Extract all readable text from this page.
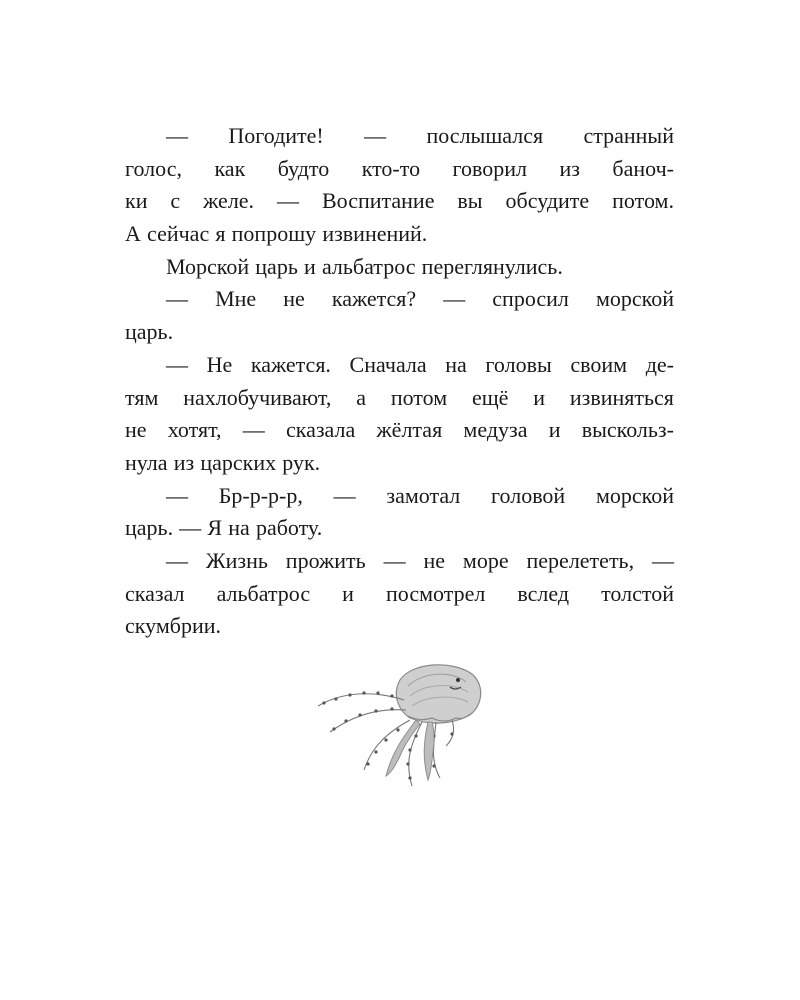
— Погодите! — послышался странный
голос, как будто кто-то говорил из баноч-
ки с желе. — Воспитание вы обсудите потом.
А сейчас я попрошу извинений.
Морской царь и альбатрос переглянулись.
— Мне не кажется? — спросил морской
царь.
— Не кажется. Сначала на головы своим де-
тям нахлобучивают, а потом ещё и извиняться
не хотят, — сказала жёлтая медуза и выскольз-
нула из царских рук.
— Бр-р-р-р, — замотал головой морской
царь. — Я на работу.
— Жизнь прожить — не море перелететь, —
сказал альбатрос и посмотрел вслед толстой
скумбрии.
